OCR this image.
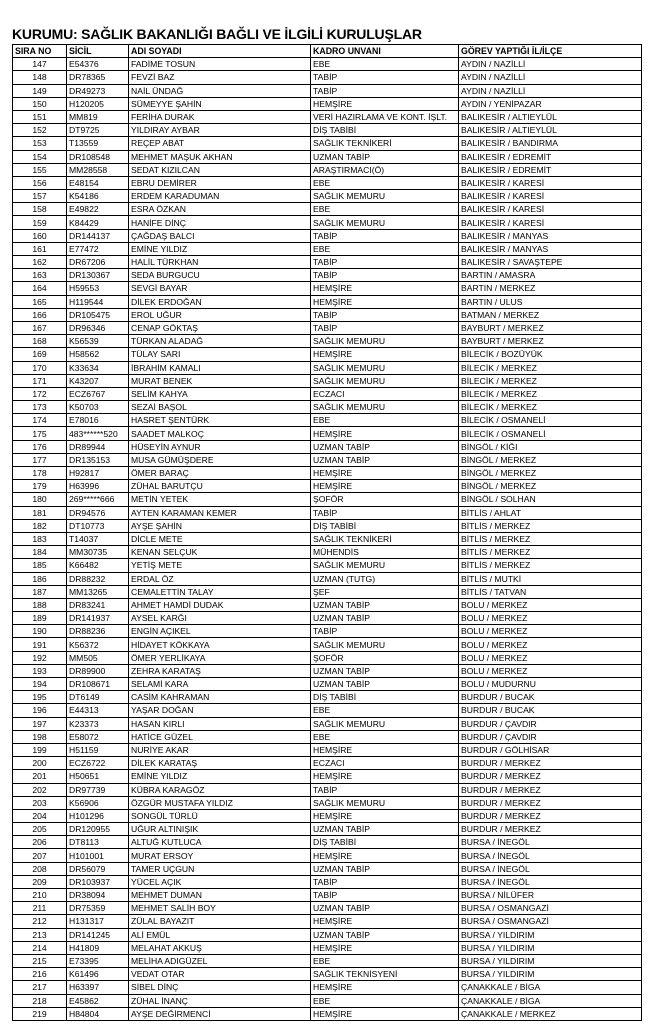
KURUMU: SAĞLIK BAKANLIĞI BAĞLI VE İLGİLİ KURULUŞLAR
SIRA NO	SİCİL	ADI SOYADI	KADRO UNVANI	GÖREV YAPTIĞI İL/İLÇE
147	E54376	FADİME TOSUN	EBE	AYDIN / NAZİLLİ
148	DR78365	FEVZİ BAZ	TABİP	AYDIN / NAZİLLİ
149	DR49273	NAİL ÜNDAĞ	TABİP	AYDIN / NAZİLLİ
150	H120205	SÜMEYYE ŞAHİN	HEMŞİRE	AYDIN / YENİPAZAR
151	MM819	FERİHA DURAK	VERİ HAZIRLAMA VE KONT. İŞLT.	BALIKESİR / ALTIEYLÜL
152	DT9725	YILDIRAY AYBAR	DİŞ TABİBİ	BALIKESİR / ALTIEYLÜL
153	T13559	REÇEP ABAT	SAĞLIK TEKNİKERİ	BALIKESİR / BANDIRMA
154	DR108548	MEHMET MAŞUK AKHAN	UZMAN TABİP	BALIKESİR / EDREMİT
155	MM28558	SEDAT KIZILCAN	ARAŞTIRMACI(Ö)	BALIKESİR / EDREMİT
156	E48154	EBRU DEMİRER	EBE	BALIKESİR / KARESİ
157	K54186	ERDEM KARADUMAN	SAĞLIK MEMURU	BALIKESİR / KARESİ
158	E49822	ESRA ÖZKAN	EBE	BALIKESİR / KARESİ
159	K84429	HANİFE DİNÇ	SAĞLIK MEMURU	BALIKESİR / KARESİ
160	DR144137	ÇAĞDAŞ BALCI	TABİP	BALIKESİR / MANYAS
161	E77472	EMİNE YILDIZ	EBE	BALIKESİR / MANYAS
162	DR67206	HALİL TÜRKHAN	TABİP	BALIKESİR / SAVAŞTEPE
163	DR130367	SEDA BURGUCU	TABİP	BARTIN / AMASRA
164	H59553	SEVGİ BAYAR	HEMŞİRE	BARTIN / MERKEZ
165	H119544	DİLEK ERDOĞAN	HEMŞİRE	BARTIN / ULUS
166	DR105475	EROL UĞUR	TABİP	BATMAN / MERKEZ
167	DR96346	CENAP GÖKTAŞ	TABİP	BAYBURT / MERKEZ
168	K56539	TÜRKAN ALADAĞ	SAĞLIK MEMURU	BAYBURT / MERKEZ
169	H58562	TÜLAY SARI	HEMŞİRE	BİLECİK / BOZÜYÜK
170	K33634	İBRAHİM KAMALI	SAĞLIK MEMURU	BİLECİK / MERKEZ
171	K43207	MURAT BENEK	SAĞLIK MEMURU	BİLECİK / MERKEZ
172	ECZ6767	SELİM KAHYA	ECZACI	BİLECİK / MERKEZ
173	K50703	SEZAİ BAŞOL	SAĞLIK MEMURU	BİLECİK / MERKEZ
174	E78016	HASRET ŞENTÜRK	EBE	BİLECİK / OSMANELİ
175	483******520	SAADET MALKOÇ	HEMŞİRE	BİLECİK / OSMANELİ
176	DR89944	HÜSEYİN AYNUR	UZMAN TABİP	BİNGÖL / KİĞI
177	DR135153	MUSA GÜMÜŞDERE	UZMAN TABİP	BİNGÖL / MERKEZ
178	H92817	ÖMER BARAÇ	HEMŞİRE	BİNGÖL / MERKEZ
179	H63996	ZÜHAL BARUTÇU	HEMŞİRE	BİNGÖL / MERKEZ
180	269*****666	METİN YETEK	ŞOFÖR	BİNGÖL / SOLHAN
181	DR94576	AYTEN KARAMAN KEMER	TABİP	BİTLİS / AHLAT
182	DT10773	AYŞE ŞAHİN	DİŞ TABİBİ	BİTLİS / MERKEZ
183	T14037	DİCLE METE	SAĞLIK TEKNİKERİ	BİTLİS / MERKEZ
184	MM30735	KENAN SELÇUK	MÜHENDİS	BİTLİS / MERKEZ
185	K66482	YETİŞ METE	SAĞLIK MEMURU	BİTLİS / MERKEZ
186	DR88232	ERDAL ÖZ	UZMAN (TUTG)	BİTLİS / MUTKİ
187	MM13265	CEMALETTİN TALAY	ŞEF	BİTLİS / TATVAN
188	DR83241	AHMET HAMDİ DUDAK	UZMAN TABİP	BOLU / MERKEZ
189	DR141937	AYSEL KARĞI	UZMAN TABİP	BOLU / MERKEZ
190	DR88236	ENGİN AÇIKEL	TABİP	BOLU / MERKEZ
191	K56372	HİDAYET KÖKKAYA	SAĞLIK MEMURU	BOLU / MERKEZ
192	MM505	ÖMER YERLİKAYA	ŞOFÖR	BOLU / MERKEZ
193	DR89900	ZEHRA KARATAŞ	UZMAN TABİP	BOLU / MERKEZ
194	DR108671	SELAMİ KARA	UZMAN TABİP	BOLU / MUDURNU
195	DT6149	CASİM KAHRAMAN	DİŞ TABİBİ	BURDUR / BUCAK
196	E44313	YAŞAR DOĞAN	EBE	BURDUR / BUCAK
197	K23373	HASAN KIRLI	SAĞLIK MEMURU	BURDUR / ÇAVDIR
198	E58072	HATİCE GÜZEL	EBE	BURDUR / ÇAVDIR
199	H51159	NURİYE AKAR	HEMŞİRE	BURDUR / GÖLHİSAR
200	ECZ6722	DİLEK KARATAŞ	ECZACI	BURDUR / MERKEZ
201	H50651	EMİNE YILDIZ	HEMŞİRE	BURDUR / MERKEZ
202	DR97739	KÜBRA KARAGÖZ	TABİP	BURDUR / MERKEZ
203	K56906	ÖZGÜR MUSTAFA YILDIZ	SAĞLIK MEMURU	BURDUR / MERKEZ
204	H101296	SONGÜL TÜRLÜ	HEMŞİRE	BURDUR / MERKEZ
205	DR120955	UĞUR ALTINIŞIK	UZMAN TABİP	BURDUR / MERKEZ
206	DT8113	ALTUĞ KUTLUCA	DİŞ TABİBİ	BURSA / İNEGÖL
207	H101001	MURAT ERSOY	HEMŞİRE	BURSA / İNEGÖL
208	DR56079	TAMER UÇGUN	UZMAN TABİP	BURSA / İNEGÖL
209	DR103937	YÜCEL AÇIK	TABİP	BURSA / İNEGÖL
210	DR38094	MEHMET DUMAN	TABİP	BURSA / NİLÜFER
211	DR75359	MEHMET SALİH BOY	UZMAN TABİP	BURSA / OSMANGAZİ
212	H131317	ZÜLAL BAYAZIT	HEMŞİRE	BURSA / OSMANGAZİ
213	DR141245	ALİ EMÜL	UZMAN TABİP	BURSA / YILDIRIM
214	H41809	MELAHAT AKKUŞ	HEMŞİRE	BURSA / YILDIRIM
215	E73395	MELİHA ADIGÜZEL	EBE	BURSA / YILDIRIM
216	K61496	VEDAT OTAR	SAĞLIK TEKNİSYENİ	BURSA / YILDIRIM
217	H63397	SİBEL DİNÇ	HEMŞİRE	ÇANAKKALE / BİGA
218	E45862	ZÜHAL İNANÇ	EBE	ÇANAKKALE / BİGA
219	H84804	AYŞE DEĞİRMENCİ	HEMŞİRE	ÇANAKKALE / MERKEZ
